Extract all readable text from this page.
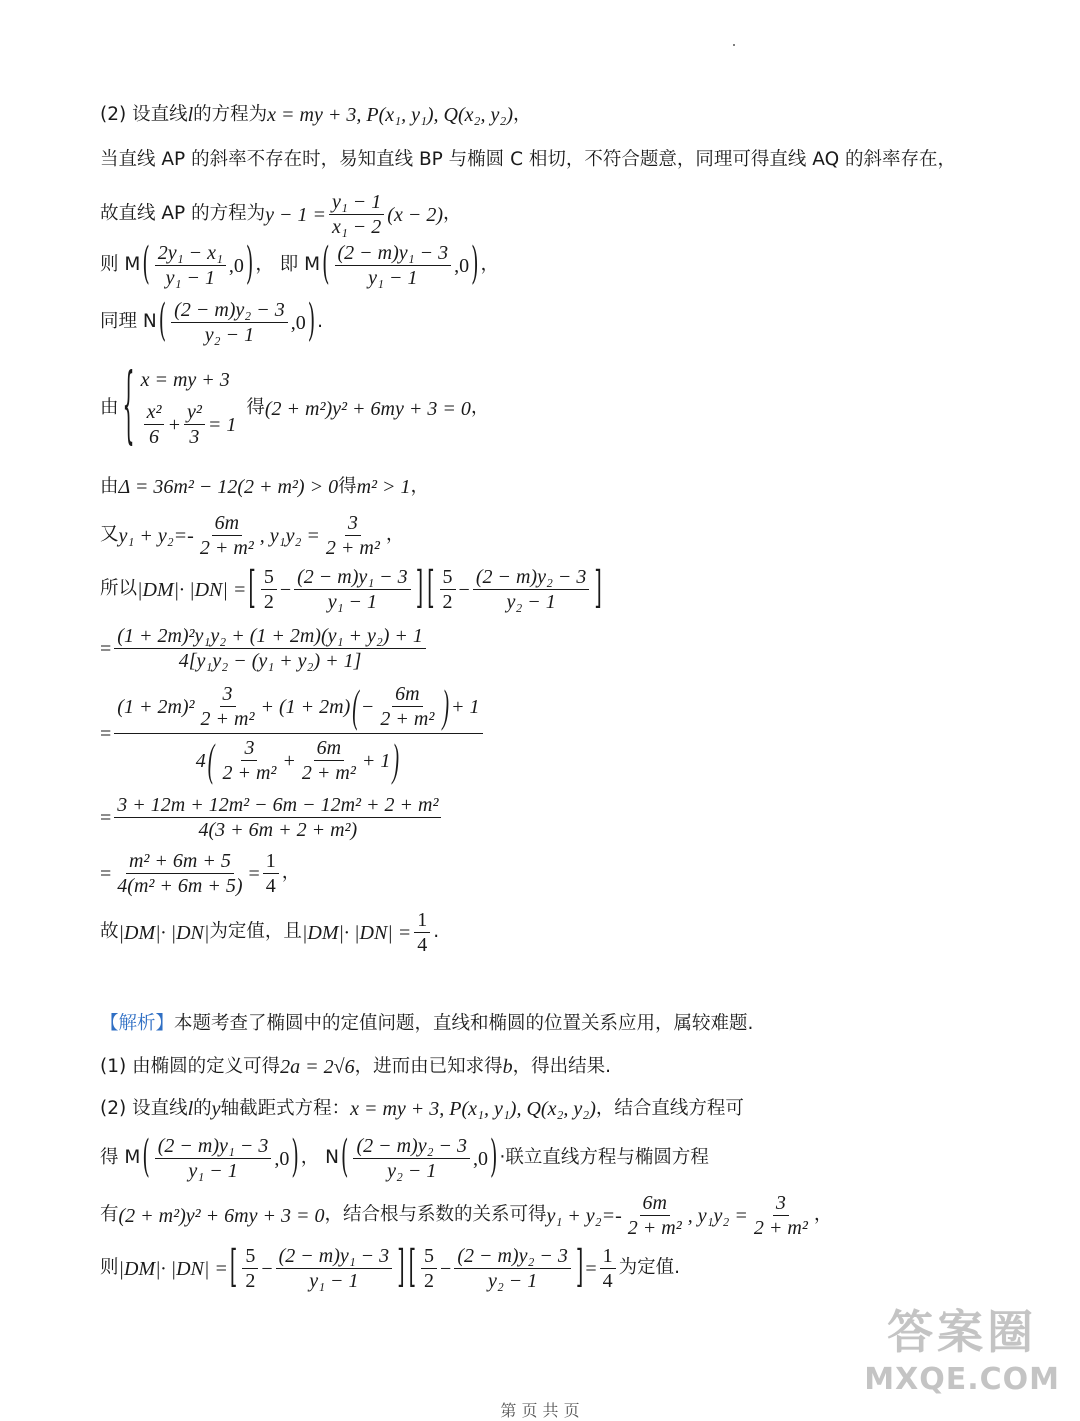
(2) 设直线 l 的方程为 x = my + 3, P(x₁, y₁), Q(x₂, y₂) ，
当直线 AP 的斜率不存在时，易知直线 BP 与椭圆 C 相切，不符合题意，同理可得直线 AQ 的斜率存在，
故直线 AP 的方程为 $y - 1 = \frac{\text{y₁ − 1}}{\text{x₁ − 2}} (x - 2)$ ，
则 M ( $\frac{\text{2y₁ − x₁}}{\text{y₁ − 1}} ,0$ ) ， 即 M ( $\frac{\text{(2 − m)y₁ − 3}}{\text{y₁ − 1}} ,0$ ) ，
同理 N ( $\frac{\text{(2 − m)y₂ − 3}}{\text{y₂ − 1}} ,0$ ) .
由 { x = my + 3
$\frac{\text{x²}}{6} + \frac{\text{y²}}{3} = 1$
得 (2 + m²)y² + 6my + 3 = 0 ，
由 Δ = 36m² − 12(2 + m²) > 0 得 m² > 1 ，
又 $y_1 + y_2=- \frac{6m}{\text{2 + m²}}$ , $y_1y_2 = \frac{3}{\text{2 + m²}}$ ，
所以 |DM|· |DN| = [ $\frac{5}{2} - \frac{\text{(2 − m)y₁ − 3}}{\text{y₁ − 1}}$ ] [ $\frac{5}{2} - \frac{\text{(2 − m)y₂ − 3}}{\text{y₂ − 1}}$ ]
= $\frac{\text{(1 + 2m)²y₁y₂ + (1 + 2m)(y₁ + y₂) + 1}}{\text{4[y₁y₂ − (y₁ + y₂) + 1]}}$
=
$(1 + 2m)^2 \frac{3}{\text{2 + m²}} + (1 + 2m)$ ( − $\frac{6m}{\text{2 + m²}}$ ) + 1
4 ( $\frac{3}{\text{2 + m²}} + \frac{6m}{\text{2 + m²}} + 1$ )
= $\frac{\text{3 + 12m + 12m² − 6m − 12m² + 2 + m²}}{\text{4(3 + 6m + 2 + m²)}}$
= $\frac{\text{m² + 6m + 5}}{\text{4(m² + 6m + 5)}} = \frac{1}{4}$ ，
故 |DM|· |DN| 为定值，且 $|DM|\cdot |DN| = \frac{1}{4}$ .
【解析】 本题考查了椭圆中的定值问题，直线和椭圆的位置关系应用，属较难题.
(1) 由椭圆的定义可得 2a = 2√6 ，进而由已知求得 b ，得出结果.
(2) 设直线 l 的 y 轴截距式方程： x = my + 3, P(x₁, y₁), Q(x₂, y₂) ，结合直线方程可
得 M ( $\frac{\text{(2 − m)y₁ − 3}}{\text{y₁ − 1}} ,0$ ) ， N ( $\frac{\text{(2 − m)y₂ − 3}}{\text{y₂ − 1}} ,0$ ) ·联立直线方程与椭圆方程
有 (2 + m²)y² + 6my + 3 = 0 ，结合根与系数的关系可得 $y_1 + y_2=- \frac{6m}{\text{2 + m²}}$ , $y_1y_2 = \frac{3}{\text{2 + m²}}$ ，
则 |DM|· |DN| = [ $\frac{5}{2} - \frac{\text{(2 − m)y₁ − 3}}{\text{y₁ − 1}}$ ] [ $\frac{5}{2} - \frac{\text{(2 − m)y₂ − 3}}{\text{y₂ − 1}}$ ] = $\frac{1}{4}$ 为定值.
答案圈
MXQE.COM
第 页 共 页
